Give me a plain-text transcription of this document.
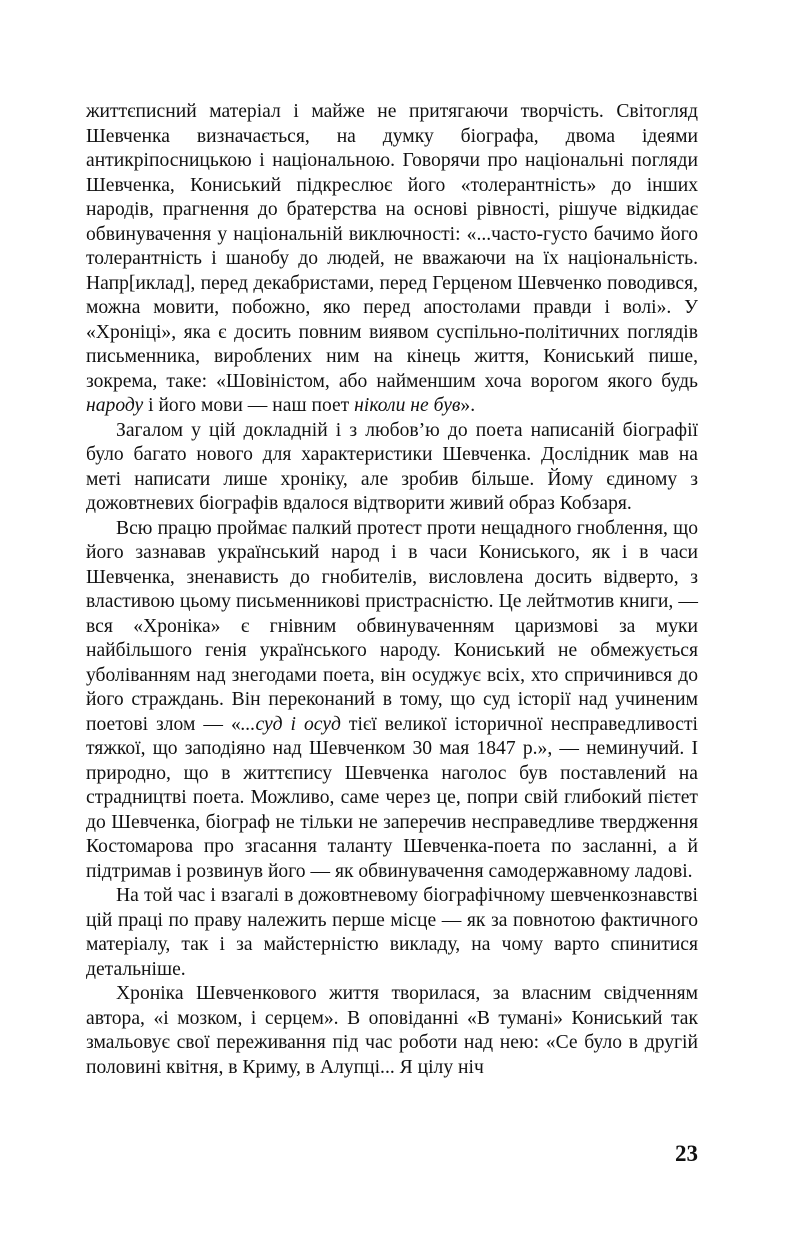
життєписний матеріал і майже не притягаючи творчість. Світогляд Шевченка визначається, на думку біографа, двома ідеями антикріпосницькою і національною. Говорячи про національні погляди Шевченка, Кониський підкреслює його «толерантність» до інших народів, прагнення до братерства на основі рівності, рішуче відкидає обвинувачення у національній виключності: «...часто-густо бачимо його толерантність і шанобу до людей, не вважаючи на їх національність. Напр[иклад], перед декабристами, перед Герценом Шевченко поводився, можна мовити, побожно, яко перед апостолами правди і волі». У «Хроніці», яка є досить повним виявом суспільно-політичних поглядів письменника, вироблених ним на кінець життя, Кониський пише, зокрема, таке: «Шовіністом, або найменшим хоча ворогом якого будь народу і його мови — наш поет ніколи не був».

Загалом у цій докладній і з любов’ю до поета написаній біографії було багато нового для характеристики Шевченка. Дослідник мав на меті написати лише хроніку, але зробив більше. Йому єдиному з дожовтневих біографів вдалося відтворити живий образ Кобзаря.

Всю працю проймає палкий протест проти нещадного гноблення, що його зазнавав український народ і в часи Кониського, як і в часи Шевченка, зненависть до гнобителів, висловлена досить відверто, з властивою цьому письменникові пристрасністю. Це лейтмотив книги, — вся «Хроніка» є гнівним обвинуваченням царизмові за муки найбільшого генія українського народу. Кониський не обмежується уболіванням над знегодами поета, він осуджує всіх, хто спричинився до його страждань. Він переконаний в тому, що суд історії над учиненим поетові злом — «...суд і осуд тієї великої історичної несправедливості тяжкої, що заподіяно над Шевченком 30 мая 1847 р.», — неминучий. І природно, що в життєпису Шевченка наголос був поставлений на страдництві поета. Можливо, саме через це, попри свій глибокий пієтет до Шевченка, біограф не тільки не заперечив несправедливе твердження Костомарова про згасання таланту Шевченка-поета по засланні, а й підтримав і розвинув його — як обвинувачення самодержавному ладові.

На той час і взагалі в дожовтневому біографічному шевченкознавстві цій праці по праву належить перше місце — як за повнотою фактичного матеріалу, так і за майстерністю викладу, на чому варто спинитися детальніше.

Хроніка Шевченкового життя творилася, за власним свідченням автора, «і мозком, і серцем». В оповіданні «В тумані» Кониський так змальовує свої переживання під час роботи над нею: «Се було в другій половині квітня, в Криму, в Алупці... Я цілу ніч

23
